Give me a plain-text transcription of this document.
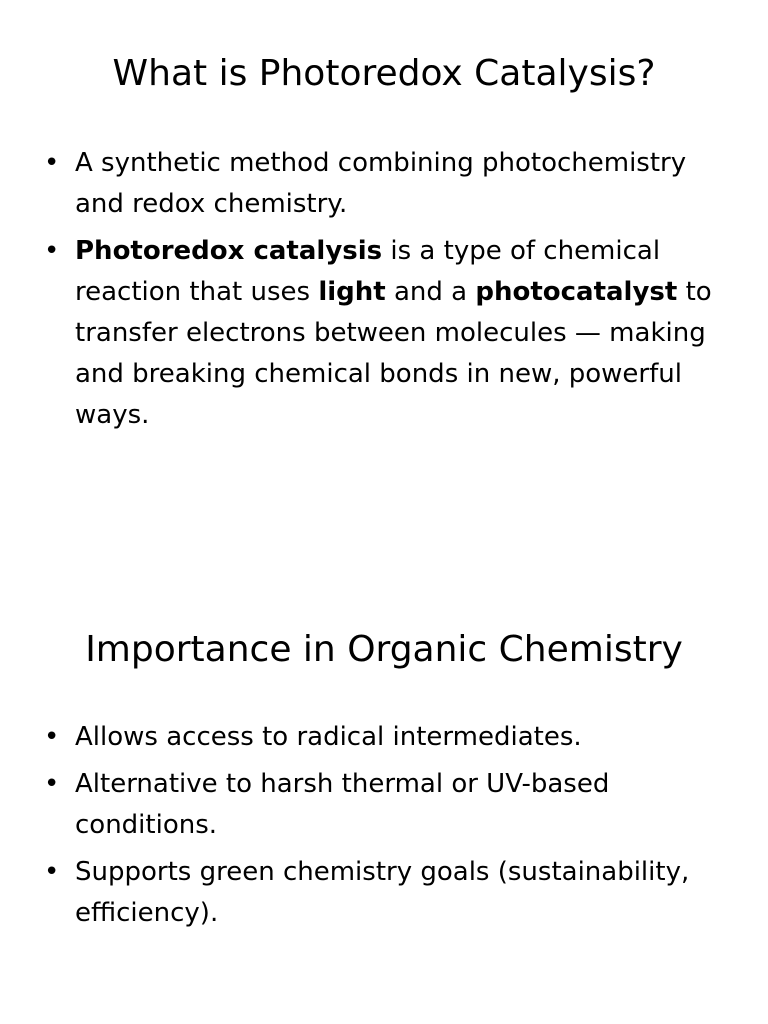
What is Photoredox Catalysis?
• A synthetic method combining photochemistry and redox chemistry.
• Photoredox catalysis is a type of chemical reaction that uses light and a photocatalyst to transfer electrons between molecules — making and breaking chemical bonds in new, powerful ways.
Importance in Organic Chemistry
• Allows access to radical intermediates.
• Alternative to harsh thermal or UV-based conditions.
• Supports green chemistry goals (sustainability, efficiency).
